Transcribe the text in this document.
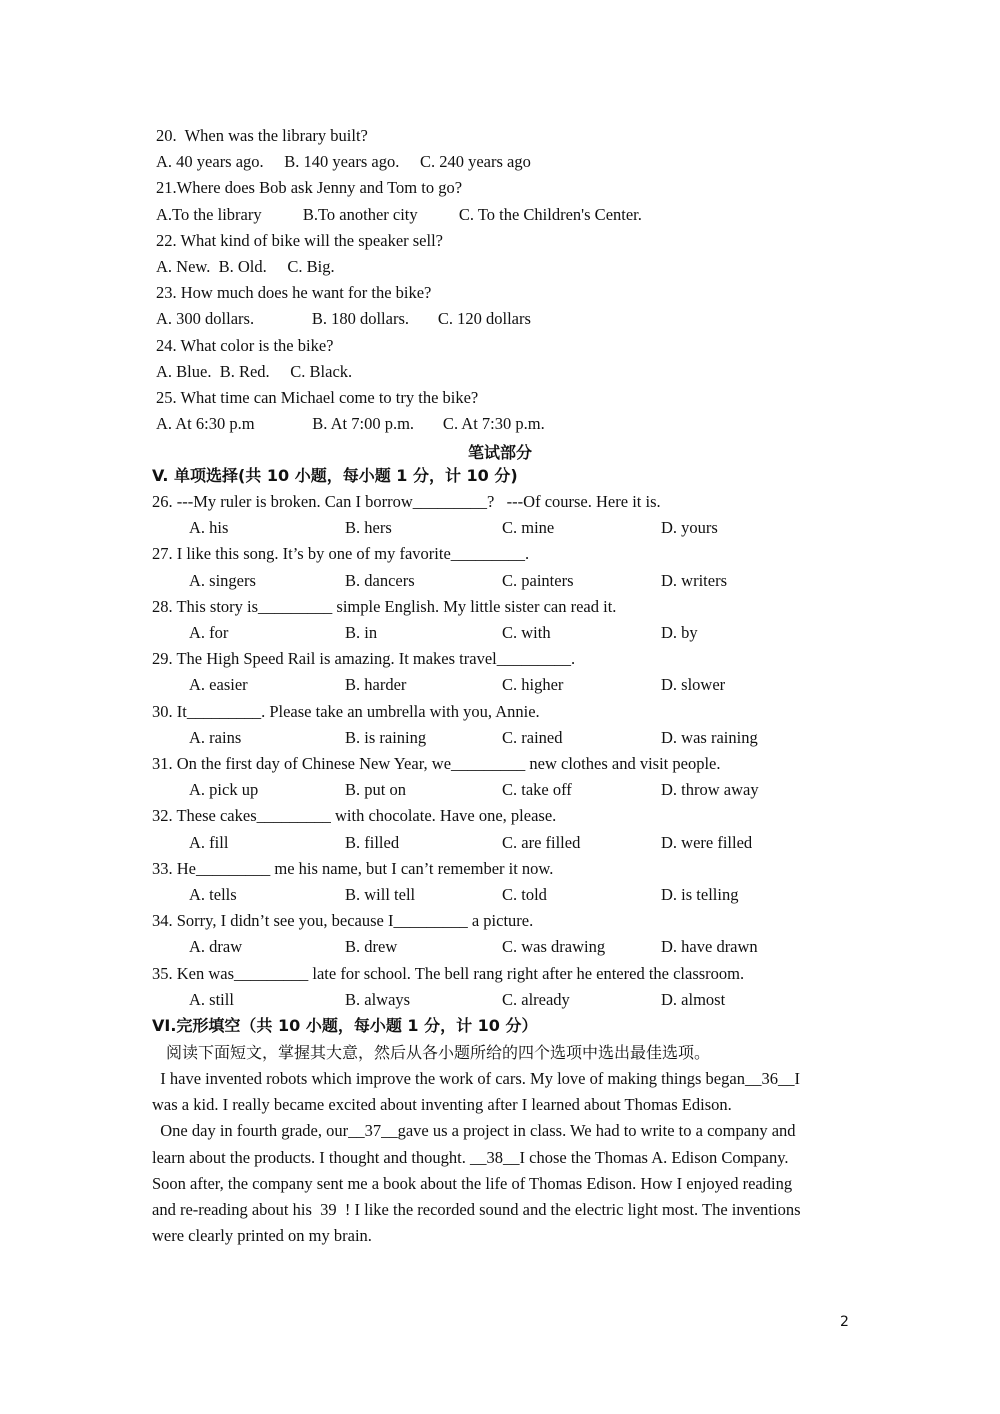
20.  When was the library built?
A. 40 years ago.     B. 140 years ago.     C. 240 years ago
21.Where does Bob ask Jenny and Tom to go?
A.To the library          B.To another city          C. To the Children's Center.
22. What kind of bike will the speaker sell?
A. New.  B. Old.     C. Big.
23. How much does he want for the bike?
A. 300 dollars.              B. 180 dollars.       C. 120 dollars
24. What color is the bike?
A. Blue.  B. Red.     C. Black.
25. What time can Michael come to try the bike?
A. At 6:30 p.m              B. At 7:00 p.m.       C. At 7:30 p.m.
笔试部分
V. 单项选择(共 10 小题，每小题 1 分，计 10 分)
26. ---My ruler is broken. Can I borrow_________?   ---Of course. Here it is.
A. his	B. hers	C. mine	D. yours
27. I like this song. It’s by one of my favorite_________.
A. singers	B. dancers	C. painters	D. writers
28. This story is_________ simple English. My little sister can read it.
A. for	B. in	C. with	D. by
29. The High Speed Rail is amazing. It makes travel_________.
A. easier	B. harder	C. higher	D. slower
30. It_________. Please take an umbrella with you, Annie.
A. rains	B. is raining	C. rained	D. was raining
31. On the first day of Chinese New Year, we_________ new clothes and visit people.
A. pick up	B. put on	C. take off	D. throw away
32. These cakes_________ with chocolate. Have one, please.
A. fill	B. filled	C. are filled	D. were filled
33. He_________ me his name, but I can’t remember it now.
A. tells	B. will tell	C. told	D. is telling
34. Sorry, I didn’t see you, because I_________ a picture.
A. draw	B. drew	C. was drawing	D. have drawn
35. Ken was_________ late for school. The bell rang right after he entered the classroom.
A. still	B. always	C. already	D. almost
VI.完形填空（共 10 小题，每小题 1 分，计 10 分）
阅读下面短文，掌握其大意，然后从各小题所给的四个选项中选出最佳选项。
I have invented robots which improve the work of cars. My love of making things began__36__I
was a kid. I really became excited about inventing after I learned about Thomas Edison.
One day in fourth grade, our__37__gave us a project in class. We had to write to a company and
learn about the products. I thought and thought. __38__I chose the Thomas A. Edison Company.
Soon after, the company sent me a book about the life of Thomas Edison. How I enjoyed reading
and re-reading about his  39  ! I like the recorded sound and the electric light most. The inventions
were clearly printed on my brain.
2
